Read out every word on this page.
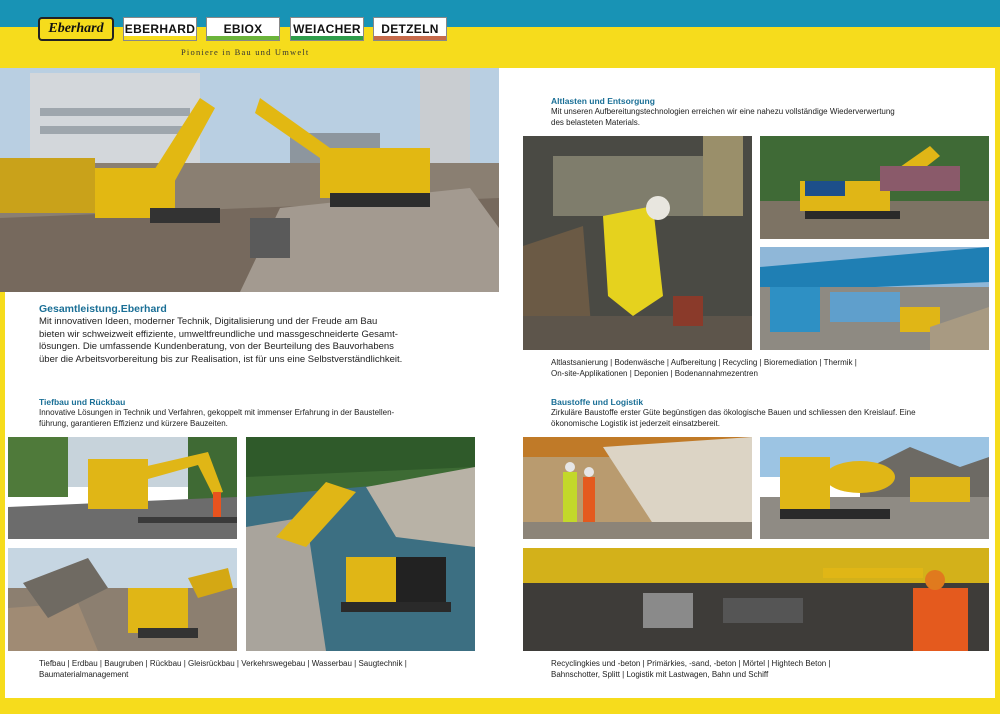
Eberhard	EBERHARD	EBIOX	WEIACHER	DETZELN
Pioniere in Bau und Umwelt
Gesamtleistung.Eberhard
Mit innovativen Ideen, moderner Technik, Digitalisierung und der Freude am Bau
bieten wir schweizweit effiziente, umweltfreundliche und massgeschneiderte Gesamt-
lösungen. Die umfassende Kundenberatung, von der Beurteilung des Bauvorhabens
über die Arbeitsvorbereitung bis zur Realisation, ist für uns eine Selbstverständlichkeit.
Tiefbau und Rückbau
Innovative Lösungen in Technik und Verfahren, gekoppelt mit immenser Erfahrung in der Baustellen-
führung, garantieren Effizienz und kürzere Bauzeiten.
Tiefbau | Erdbau | Baugruben | Rückbau | Gleisrückbau | Verkehrswegebau | Wasserbau | Saugtechnik |
Baumaterialmanagement
Altlasten und Entsorgung
Mit unseren Aufbereitungstechnologien erreichen wir eine nahezu vollständige Wiederverwertung
des belasteten Materials.
Altlastsanierung | Bodenwäsche | Aufbereitung | Recycling | Bioremediation | Thermik |
On-site-Applikationen | Deponien | Bodenannahmezentren
Baustoffe und Logistik
Zirkuläre Baustoffe erster Güte begünstigen das ökologische Bauen und schliessen den Kreislauf. Eine
ökonomische Logistik ist jederzeit einsatzbereit.
Recyclingkies und -beton | Primärkies, -sand, -beton | Mörtel | Hightech Beton |
Bahnschotter, Splitt | Logistik mit Lastwagen, Bahn und Schiff
